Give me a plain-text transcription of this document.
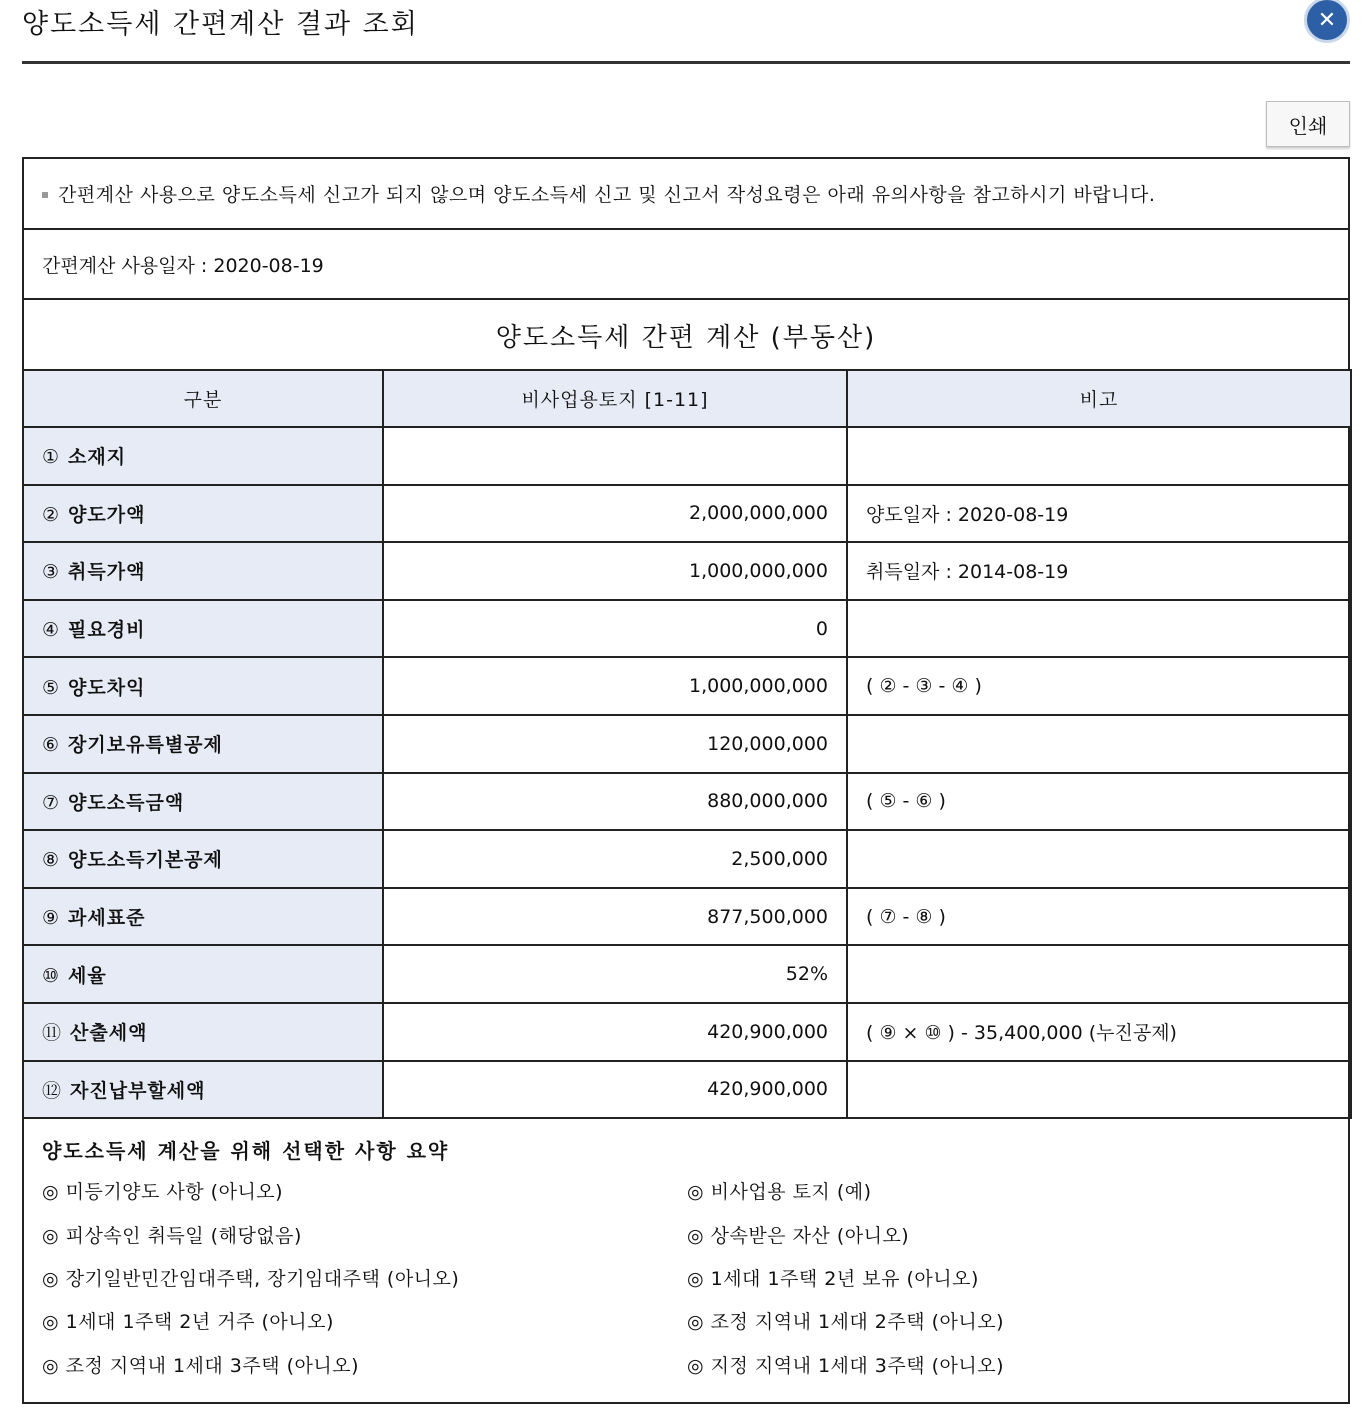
양도소득세 간편계산 결과 조회	✕
인쇄
간편계산 사용으로 양도소득세 신고가 되지 않으며 양도소득세 신고 및 신고서 작성요령은 아래 유의사항을 참고하시기 바랍니다.
간편계산 사용일자 : 2020-08-19
양도소득세 간편 계산 (부동산)
구분	비사업용토지 [1-11]	비고
① 소재지		
② 양도가액	2,000,000,000	양도일자 : 2020-08-19
③ 취득가액	1,000,000,000	취득일자 : 2014-08-19
④ 필요경비	0	
⑤ 양도차익	1,000,000,000	( ② - ③ - ④ )
⑥ 장기보유특별공제	120,000,000	
⑦ 양도소득금액	880,000,000	( ⑤ - ⑥ )
⑧ 양도소득기본공제	2,500,000	
⑨ 과세표준	877,500,000	( ⑦ - ⑧ )
⑩ 세율	52%	
⑪ 산출세액	420,900,000	( ⑨ × ⑩ ) - 35,400,000 (누진공제)
⑫ 자진납부할세액	420,900,000	
양도소득세 계산을 위해 선택한 사항 요약
◎ 미등기양도 사항 (아니오)	◎ 비사업용 토지 (예)
◎ 피상속인 취득일 (해당없음)	◎ 상속받은 자산 (아니오)
◎ 장기일반민간임대주택, 장기임대주택 (아니오)	◎ 1세대 1주택 2년 보유 (아니오)
◎ 1세대 1주택 2년 거주 (아니오)	◎ 조정 지역내 1세대 2주택 (아니오)
◎ 조정 지역내 1세대 3주택 (아니오)	◎ 지정 지역내 1세대 3주택 (아니오)
